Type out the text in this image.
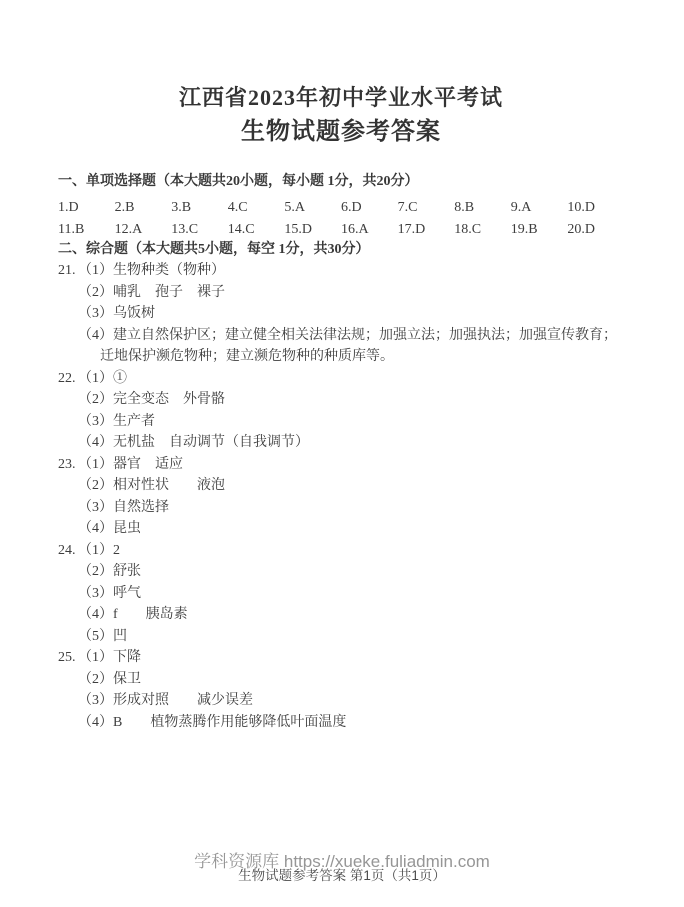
江西省2023年初中学业水平考试
生物试题参考答案
一、单项选择题（本大题共20小题，每小题 1分，共20分）
1.D	2.B	3.B	4.C	5.A	6.D	7.C	8.B	9.A	10.D
11.B	12.A	13.C	14.C	15.D	16.A	17.D	18.C	19.B	20.D
二、综合题（本大题共5小题，每空 1分，共30分）
21. （1）生物种类（物种）
（2）哺乳　孢子　裸子
（3）乌饭树
（4）建立自然保护区；建立健全相关法律法规；加强立法；加强执法；加强宣传教育；迁地保护濒危物种；建立濒危物种的种质库等。
22. （1）①
（2）完全变态　外骨骼
（3）生产者
（4）无机盐　自动调节（自我调节）
23. （1）器官　适应
（2）相对性状　　液泡
（3）自然选择
（4）昆虫
24. （1）2
（2）舒张
（3）呼气
（4）f　　胰岛素
（5）凹
25. （1）下降
（2）保卫
（3）形成对照　　减少误差
（4）B　　植物蒸腾作用能够降低叶面温度
学科资源库 https://xueke.fuliadmin.com
生物试题参考答案 第1页（共1页）
